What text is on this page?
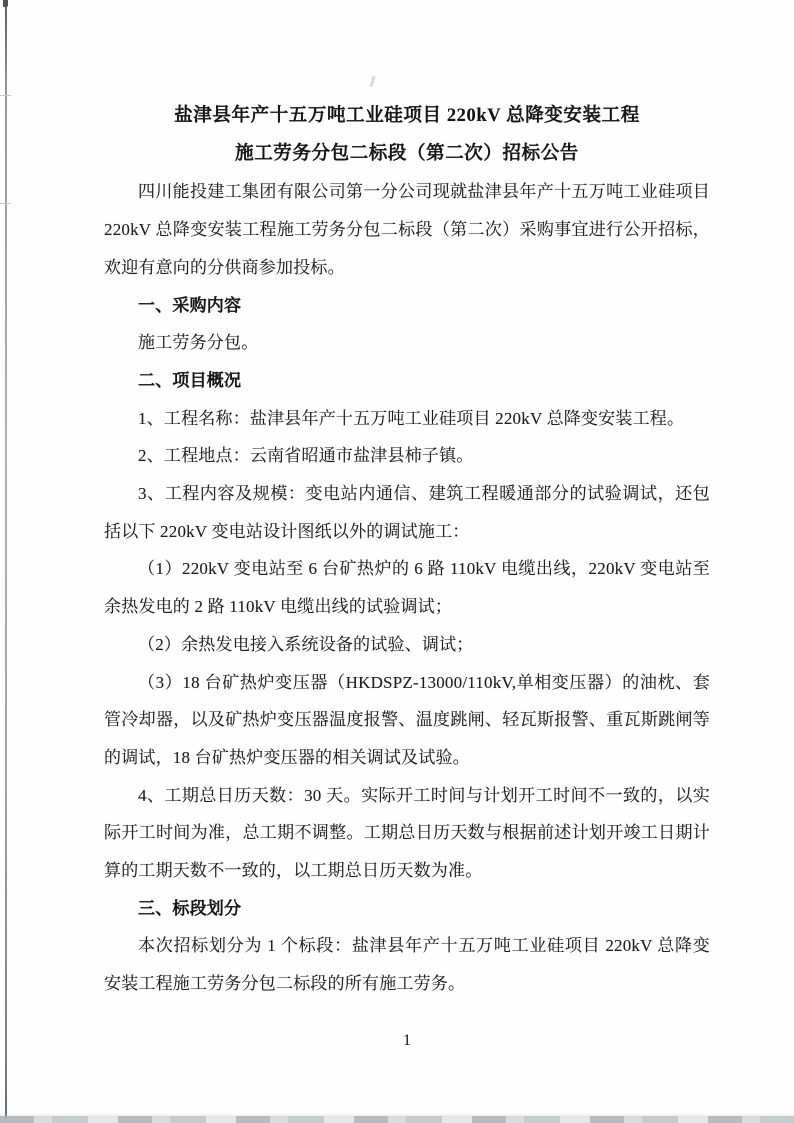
盐津县年产十五万吨工业硅项目 220kV 总降变安装工程

施工劳务分包二标段（第二次）招标公告

四川能投建工集团有限公司第一分公司现就盐津县年产十五万吨工业硅项目 220kV 总降变安装工程施工劳务分包二标段（第二次）采购事宜进行公开招标，欢迎有意向的分供商参加投标。

一、采购内容

施工劳务分包。

二、项目概况

1、工程名称：盐津县年产十五万吨工业硅项目 220kV 总降变安装工程。

2、工程地点：云南省昭通市盐津县柿子镇。

3、工程内容及规模：变电站内通信、建筑工程暖通部分的试验调试，还包括以下 220kV 变电站设计图纸以外的调试施工：

（1）220kV 变电站至 6 台矿热炉的 6 路 110kV 电缆出线，220kV 变电站至余热发电的 2 路 110kV 电缆出线的试验调试；

（2）余热发电接入系统设备的试验、调试；

（3）18 台矿热炉变压器（HKDSPZ-13000/110kV,单相变压器）的油枕、套管冷却器，以及矿热炉变压器温度报警、温度跳闸、轻瓦斯报警、重瓦斯跳闸等的调试，18 台矿热炉变压器的相关调试及试验。

4、工期总日历天数：30 天。实际开工时间与计划开工时间不一致的，以实际开工时间为准，总工期不调整。工期总日历天数与根据前述计划开竣工日期计算的工期天数不一致的，以工期总日历天数为准。

三、标段划分

本次招标划分为 1 个标段：盐津县年产十五万吨工业硅项目 220kV 总降变安装工程施工劳务分包二标段的所有施工劳务。

1
